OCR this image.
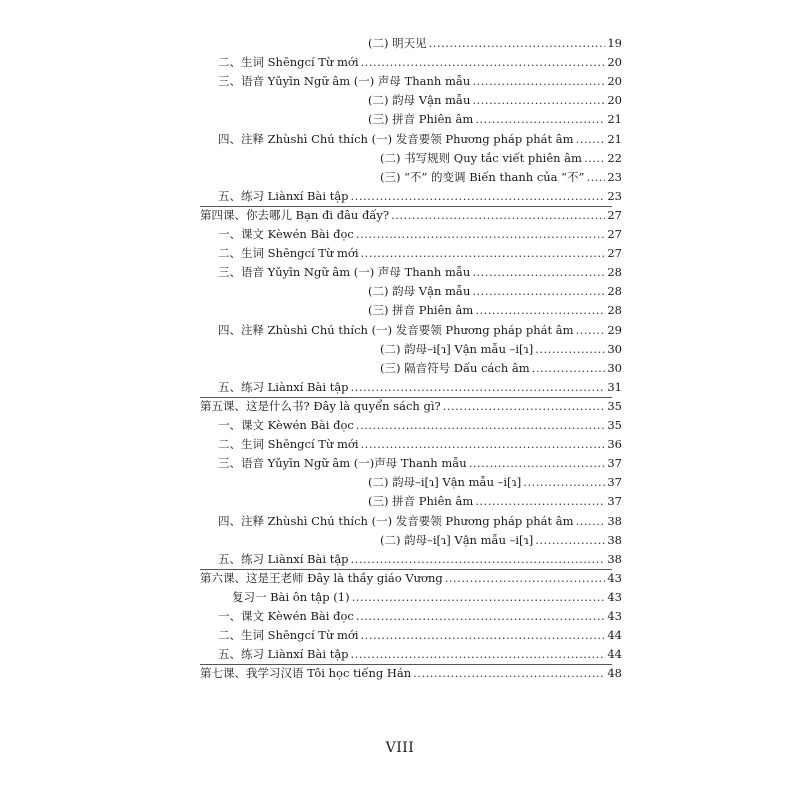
(二) 明天见 .....	19
二、生词 Shēngcí Từ mới .....	20
三、语音 Yǔyīn Ngữ âm (一) 声母 Thanh mẫu .....	20
(二) 韵母 Vận mẫu .....	20
(三) 拼音 Phiên âm .....	21
四、注释 Zhùshì Chú thích (一) 发音要领 Phương pháp phát âm .....	21
(二) 书写规则 Quy tắc viết phiên âm ..... 22
(三) “不” 的变调 Biến thanh của “不” ..... 23
五、练习 Liànxí Bài tập .....	23
第四课、你去哪儿 Bạn đi đâu đấy? .....	27
一、课文 Kèwén Bài đọc .....	27
二、生词 Shēngcí Từ mới .....	27
三、语音 Yǔyīn Ngữ âm (一) 声母 Thanh mẫu .....	28
(二) 韵母 Vận mẫu .....	28
(三) 拼音 Phiên âm .....	28
四、注释 Zhùshì Chú thích (一) 发音要领 Phương pháp phát âm .....	29
(二) 韵母–i[ɿ] Vận mẫu –i[ɿ] .....	30
(三) 隔音符号 Dấu cách âm .....	30
五、练习 Liànxí Bài tập .....	31
第五课、这是什么书? Đây là quyển sách gì? .....	35
一、课文 Kèwén Bài đọc .....	35
二、生词 Shēngcí Từ mới .....	36
三、语音 Yǔyīn Ngữ âm (一)声母 Thanh mẫu .....	37
(二) 韵母–i[ɿ] Vận mẫu –i[ɿ] .....	37
(三) 拼音 Phiên âm .....	37
四、注释 Zhùshì Chú thích (一) 发音要领 Phương pháp phát âm .....	38
(二) 韵母–i[ɿ] Vận mẫu –i[ɿ] .....	38
五、练习 Liànxí Bài tập .....	38
第六课、这是王老师 Đây là thầy giáo Vương .....	43
复习一 Bài ôn tập (1) .....	43
一、课文 Kèwén Bài đọc .....	43
二、生词 Shēngcí Từ mới .....	44
五、练习 Liànxí Bài tập .....	44
第七课、我学习汉语 Tôi học tiếng Hán .....	48
VIII
